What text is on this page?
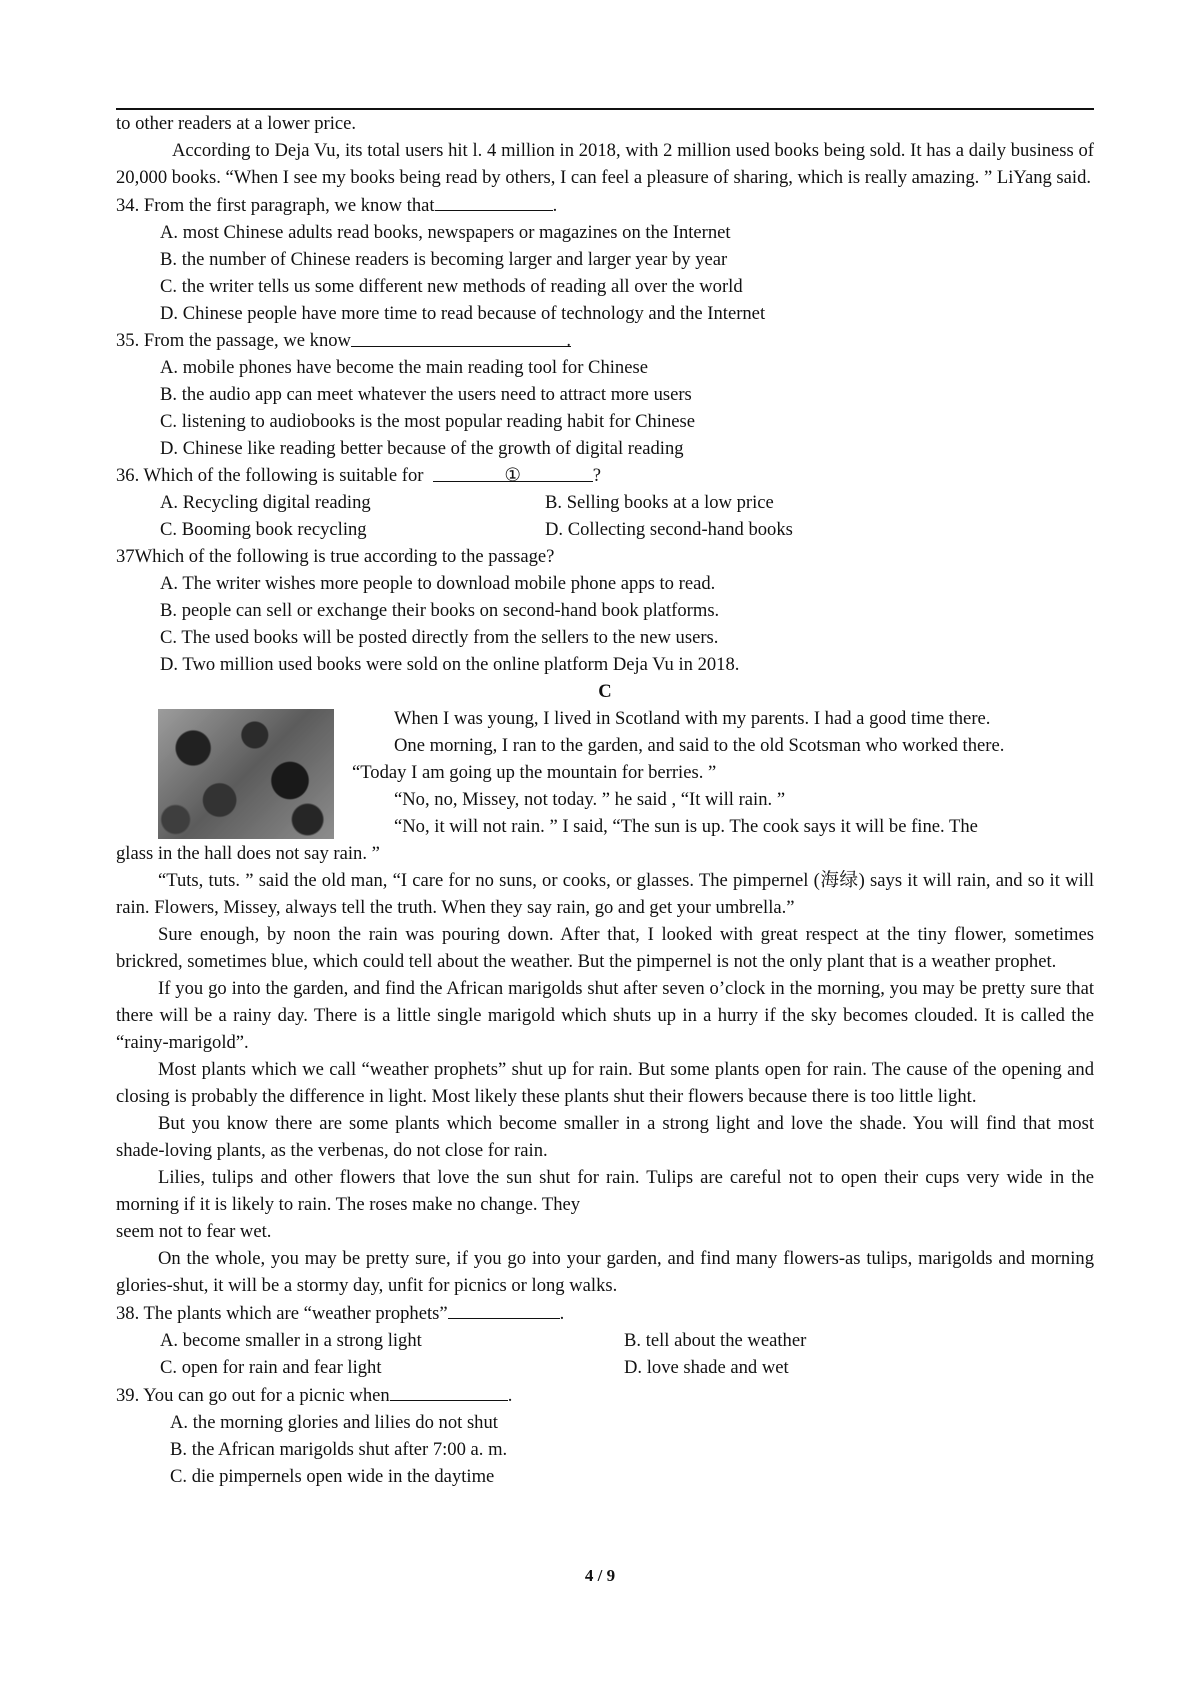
to other readers at a lower price.

According to Deja Vu, its total users hit l. 4 million in 2018, with 2 million used books being sold. It has a daily business of 20,000 books. “When I see my books being read by others, I can feel a pleasure of sharing, which is really amazing. ” LiYang said.

34. From the first paragraph, we know that	.

A. most Chinese adults read books, newspapers or magazines on the Internet

B. the number of Chinese readers is becoming larger and larger year by year

C. the writer tells us some different new methods of reading all over the world

D. Chinese people have more time to read because of technology and the Internet

35. From the passage, we know	.

A. mobile phones have become the main reading tool for Chinese

B. the audio app can meet whatever the users need to attract more users

C. listening to audiobooks is the most popular reading habit for Chinese

D. Chinese like reading better because of the growth of digital reading

36. Which of the following is suitable for	①	?

A. Recycling digital reading	B. Selling books at a low price
C. Booming book recycling	D. Collecting second-hand books

37Which of the following is true according to the passage?

A. The writer wishes more people to download mobile phone apps to read.

B. people can sell or exchange their books on second-hand book platforms.

C. The used books will be posted directly from the sellers to the new users.

D. Two million used books were sold on the online platform Deja Vu in 2018.

C

When I was young, I lived in Scotland with my parents. I had a good time there.

One morning, I ran to the garden, and said to the old Scotsman who worked there.

“Today I am going up the mountain for berries. ”

“No, no, Missey, not today. ” he said , “It will rain. ”

“No, it will not rain. ” I said, “The sun is up. The cook says it will be fine. The

glass in the hall does not say rain. ”

“Tuts, tuts. ” said the old man, “I care for no suns, or cooks, or glasses. The pimpernel (海绿) says it will rain, and so it will rain. Flowers, Missey, always tell the truth. When they say rain, go and get your umbrella.”

Sure enough, by noon the rain was pouring down. After that, I looked with great respect at the tiny flower, sometimes brickred, sometimes blue, which could tell about the weather. But the pimpernel is not the only plant that is a weather prophet.

If you go into the garden, and find the African marigolds shut after seven o’clock in the morning, you may be pretty sure that there will be a rainy day. There is a little single marigold which shuts up in a hurry if the sky becomes clouded. It is called the “rainy-marigold”.

Most plants which we call “weather prophets” shut up for rain. But some plants open for rain. The cause of the opening and closing is probably the difference in light. Most likely these plants shut their flowers because there is too little light.

But you know there are some plants which become smaller in a strong light and love the shade. You will find that most shade-loving plants, as the verbenas, do not close for rain.

Lilies, tulips and other flowers that love the sun shut for rain. Tulips are careful not to open their cups very wide in the morning if it is likely to rain. The roses make no change. They

seem not to fear wet.

On the whole, you may be pretty sure, if you go into your garden, and find many flowers-as tulips, marigolds and morning glories-shut, it will be a stormy day, unfit for picnics or long walks.

38. The plants which are “weather prophets”	.

A. become smaller in a strong light	B. tell about the weather
C. open for rain and fear light	D. love shade and wet

39. You can go out for a picnic when	.

A. the morning glories and lilies do not shut

B. the African marigolds shut after 7:00 a. m.

C. die pimpernels open wide in the daytime

4 / 9
